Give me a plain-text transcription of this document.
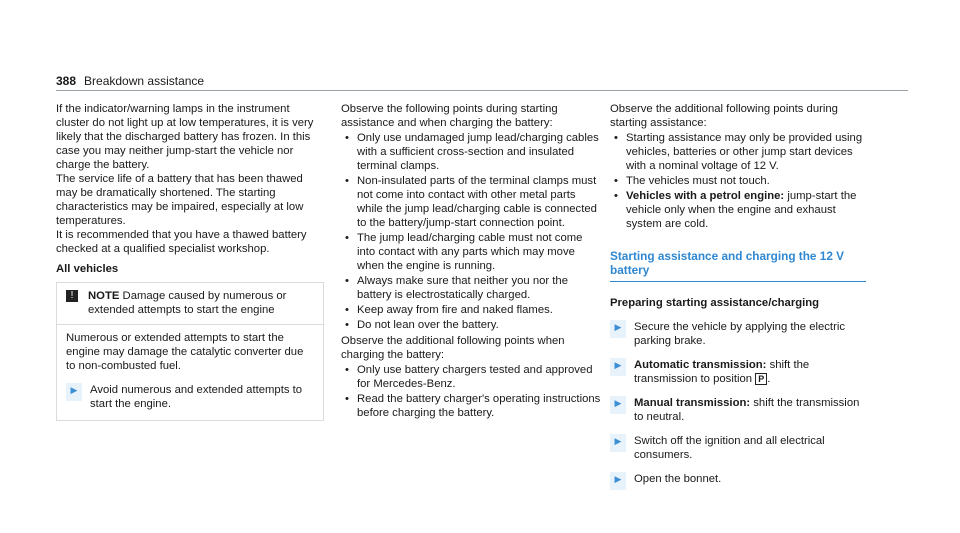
388 Breakdown assistance
If the indicator/warning lamps in the instrument cluster do not light up at low temperatures, it is very likely that the discharged battery has frozen. In this case you may neither jump-start the vehicle nor charge the battery.
The service life of a battery that has been thawed may be dramatically shortened. The starting characteristics may be impaired, especially at low temperatures.
It is recommended that you have a thawed battery checked at a qualified specialist workshop.
All vehicles
!	NOTE Damage caused by numerous or extended attempts to start the engine
Numerous or extended attempts to start the engine may damage the catalytic converter due to non-combusted fuel.
▶	Avoid numerous and extended attempts to start the engine.
Observe the following points during starting assistance and when charging the battery:
• Only use undamaged jump lead/charging cables with a sufficient cross-section and insulated terminal clamps.
• Non-insulated parts of the terminal clamps must not come into contact with other metal parts while the jump lead/charging cable is connected to the battery/jump-start connection point.
• The jump lead/charging cable must not come into contact with any parts which may move when the engine is running.
• Always make sure that neither you nor the battery is electrostatically charged.
• Keep away from fire and naked flames.
• Do not lean over the battery.
Observe the additional following points when charging the battery:
• Only use battery chargers tested and approved for Mercedes-Benz.
• Read the battery charger's operating instructions before charging the battery.
Observe the additional following points during starting assistance:
• Starting assistance may only be provided using vehicles, batteries or other jump start devices with a nominal voltage of 12 V.
• The vehicles must not touch.
• Vehicles with a petrol engine: jump-start the vehicle only when the engine and exhaust system are cold.
Starting assistance and charging the 12 V battery
Preparing starting assistance/charging
▶	Secure the vehicle by applying the electric parking brake.
▶	Automatic transmission: shift the transmission to position P .
▶	Manual transmission: shift the transmission to neutral.
▶	Switch off the ignition and all electrical consumers.
▶	Open the bonnet.
